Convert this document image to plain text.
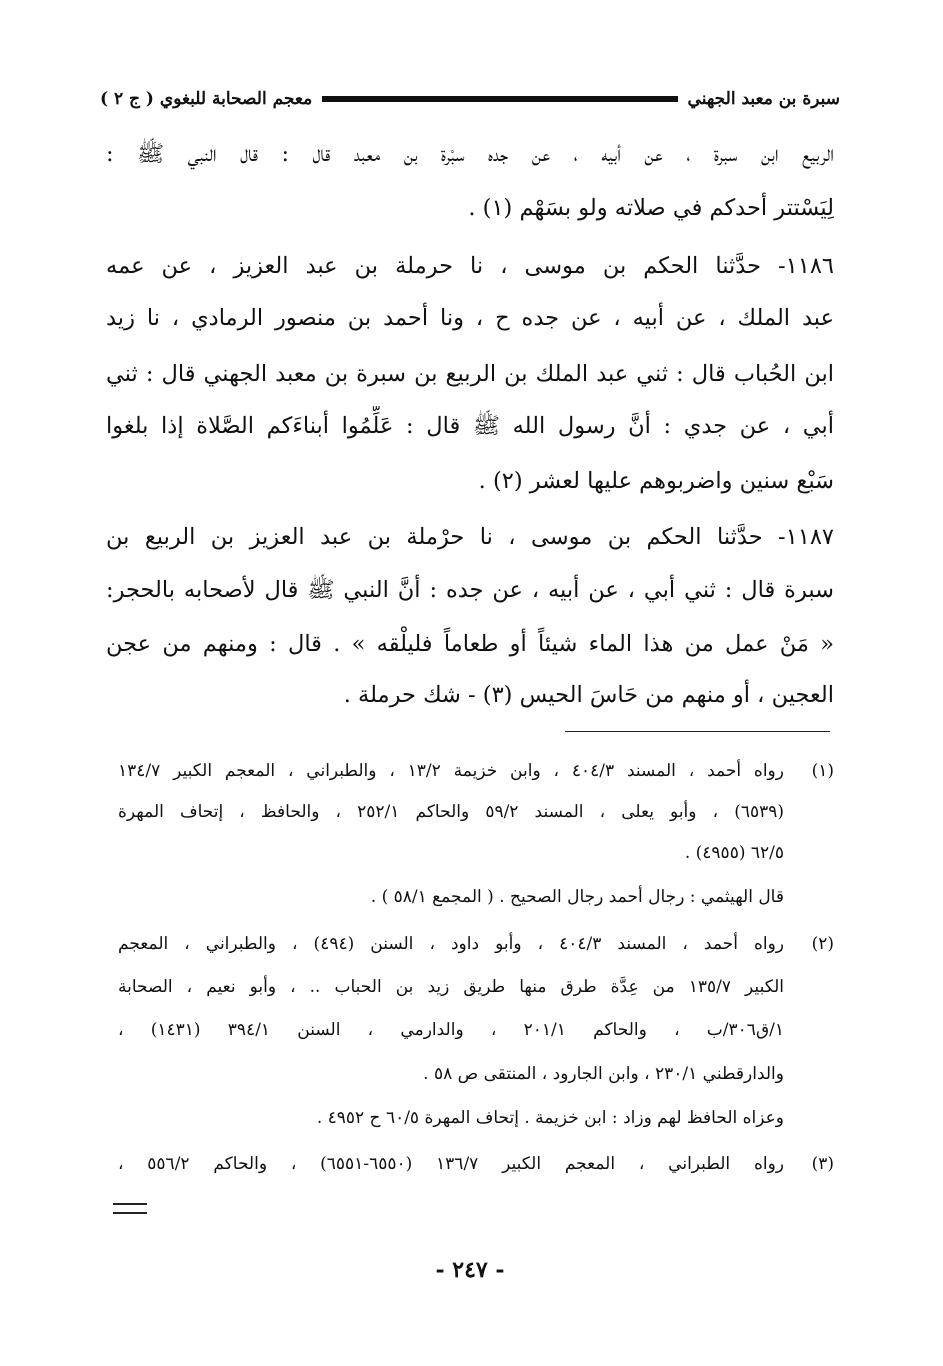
سبرة بن معبد الجهني
معجم الصحابة للبغوي ( ج ٢ )
الربيع ابن سبرة ، عن أبيه ، عن جده سبْرة بن معبد قال : قال النبي ﷺ :
لِيَسْتتر أحدكم في صلاته ولو بسَهْم (١) .
١١٨٦- حدَّثنا الحكم بن موسى ، نا حرملة بن عبد العزيز ، عن عمه
عبد الملك ، عن أبيه ، عن جده ح ، ونا أحمد بن منصور الرمادي ، نا زيد
ابن الحُباب قال : ثني عبد الملك بن الربيع بن سبرة بن معبد الجهني قال : ثني
أبي ، عن جدي : أنَّ رسول الله ﷺ قال : عَلِّمُوا أبناءَكم الصَّلاة إذا بلغوا
سَبْع سنين واضربوهم عليها لعشر (٢) .
١١٨٧- حدَّثنا الحكم بن موسى ، نا حرْملة بن عبد العزيز بن الربيع بن
سبرة قال : ثني أبي ، عن أبيه ، عن جده : أنَّ النبي ﷺ قال لأصحابه بالحجر:
« مَنْ عمل من هذا الماء شيئاً أو طعاماً فليلْقه » . قال : ومنهم من عجن
العجين ، أو منهم من حَاسَ الحيس (٣) - شك حرملة .
(١)
رواه أحمد ، المسند ٤٠٤/٣ ، وابن خزيمة ١٣/٢ ، والطبراني ، المعجم الكبير ١٣٤/٧
(٦٥٣٩) ، وأبو يعلى ، المسند ٥٩/٢ والحاكم ٢٥٢/١ ، والحافظ ، إتحاف المهرة
٦٢/٥ (٤٩٥٥) .
قال الهيثمي : رجال أحمد رجال الصحيح . ( المجمع ٥٨/١ ) .
(٢)
رواه أحمد ، المسند ٤٠٤/٣ ، وأبو داود ، السنن (٤٩٤) ، والطبراني ، المعجم
الكبير ١٣٥/٧ من عِدَّة طرق منها طريق زيد بن الحباب .. ، وأبو نعيم ، الصحابة
١/ق٣٠٦/ب ، والحاكم ٢٠١/١ ، والدارمي ، السنن ٣٩٤/١ (١٤٣١) ،
والدارقطني ٢٣٠/١ ، وابن الجارود ، المنتقى ص ٥٨ .
وعزاه الحافظ لهم وزاد : ابن خزيمة . إتحاف المهرة ٦٠/٥ ح ٤٩٥٢ .
(٣)
رواه الطبراني ، المعجم الكبير ١٣٦/٧ (٦٥٥٠-٦٥٥١) ، والحاكم ٥٥٦/٢ ،
- ٢٤٧ -
